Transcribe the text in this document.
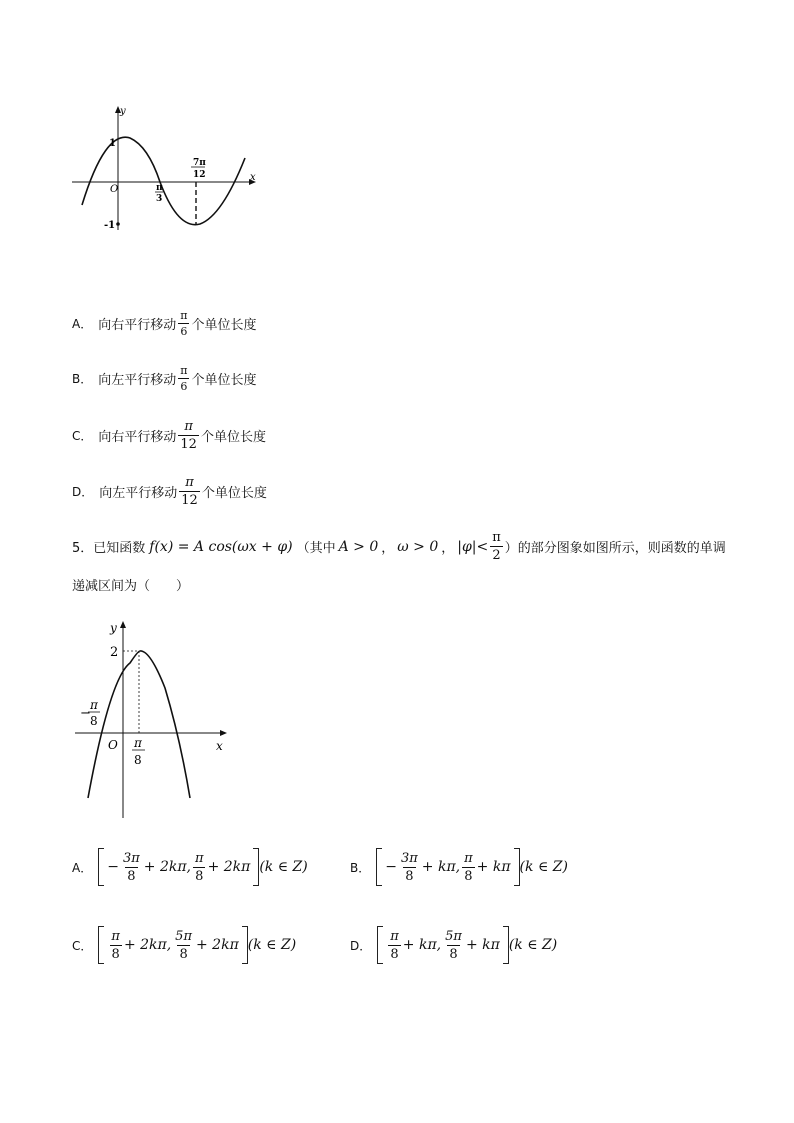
y
x
O
1
-1
π
3
7π
12
A． 向右平行移动 $\frac{\pi}{6}$ 个单位长度
B． 向左平行移动 $\frac{\pi}{6}$ 个单位长度
C． 向右平行移动 $\frac{\pi}{12}$ 个单位长度
D． 向左平行移动 $\frac{\pi}{12}$ 个单位长度
5．已知函数 f(x) = A cos(ωx + φ) （其中 A > 0 ， ω > 0 ， $|\varphi|< \frac{\pi}{2}$ ）的部分图象如图所示，则函数的单调
递减区间为（　　）
y
x
O
2
−
π
8
π
8
A． − $\frac{3\pi}{8} + 2k\pi$, $\frac{\pi}{8} + 2k\pi$ (k ∈ Z)	B． − $\frac{3\pi}{8} + k\pi$, $\frac{\pi}{8} + k\pi$ (k ∈ Z)
C． $\frac{\pi}{8} + 2k\pi$, $\frac{5\pi}{8} + 2k\pi$ (k ∈ Z)	D． $\frac{\pi}{8} + k\pi$, $\frac{5\pi}{8} + k\pi$ (k ∈ Z)
